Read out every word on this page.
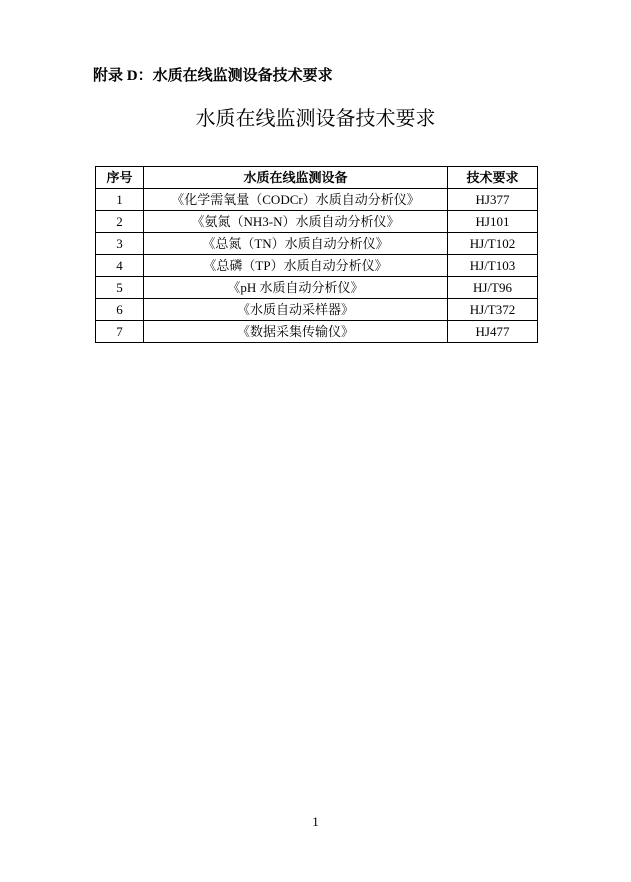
附录 D：水质在线监测设备技术要求
水质在线监测设备技术要求
序号	水质在线监测设备	技术要求
1	《化学需氧量（CODCr）水质自动分析仪》	HJ377
2	《氨氮（NH3-N）水质自动分析仪》	HJ101
3	《总氮（TN）水质自动分析仪》	HJ/T102
4	《总磷（TP）水质自动分析仪》	HJ/T103
5	《pH 水质自动分析仪》	HJ/T96
6	《水质自动采样器》	HJ/T372
7	《数据采集传输仪》	HJ477
1
